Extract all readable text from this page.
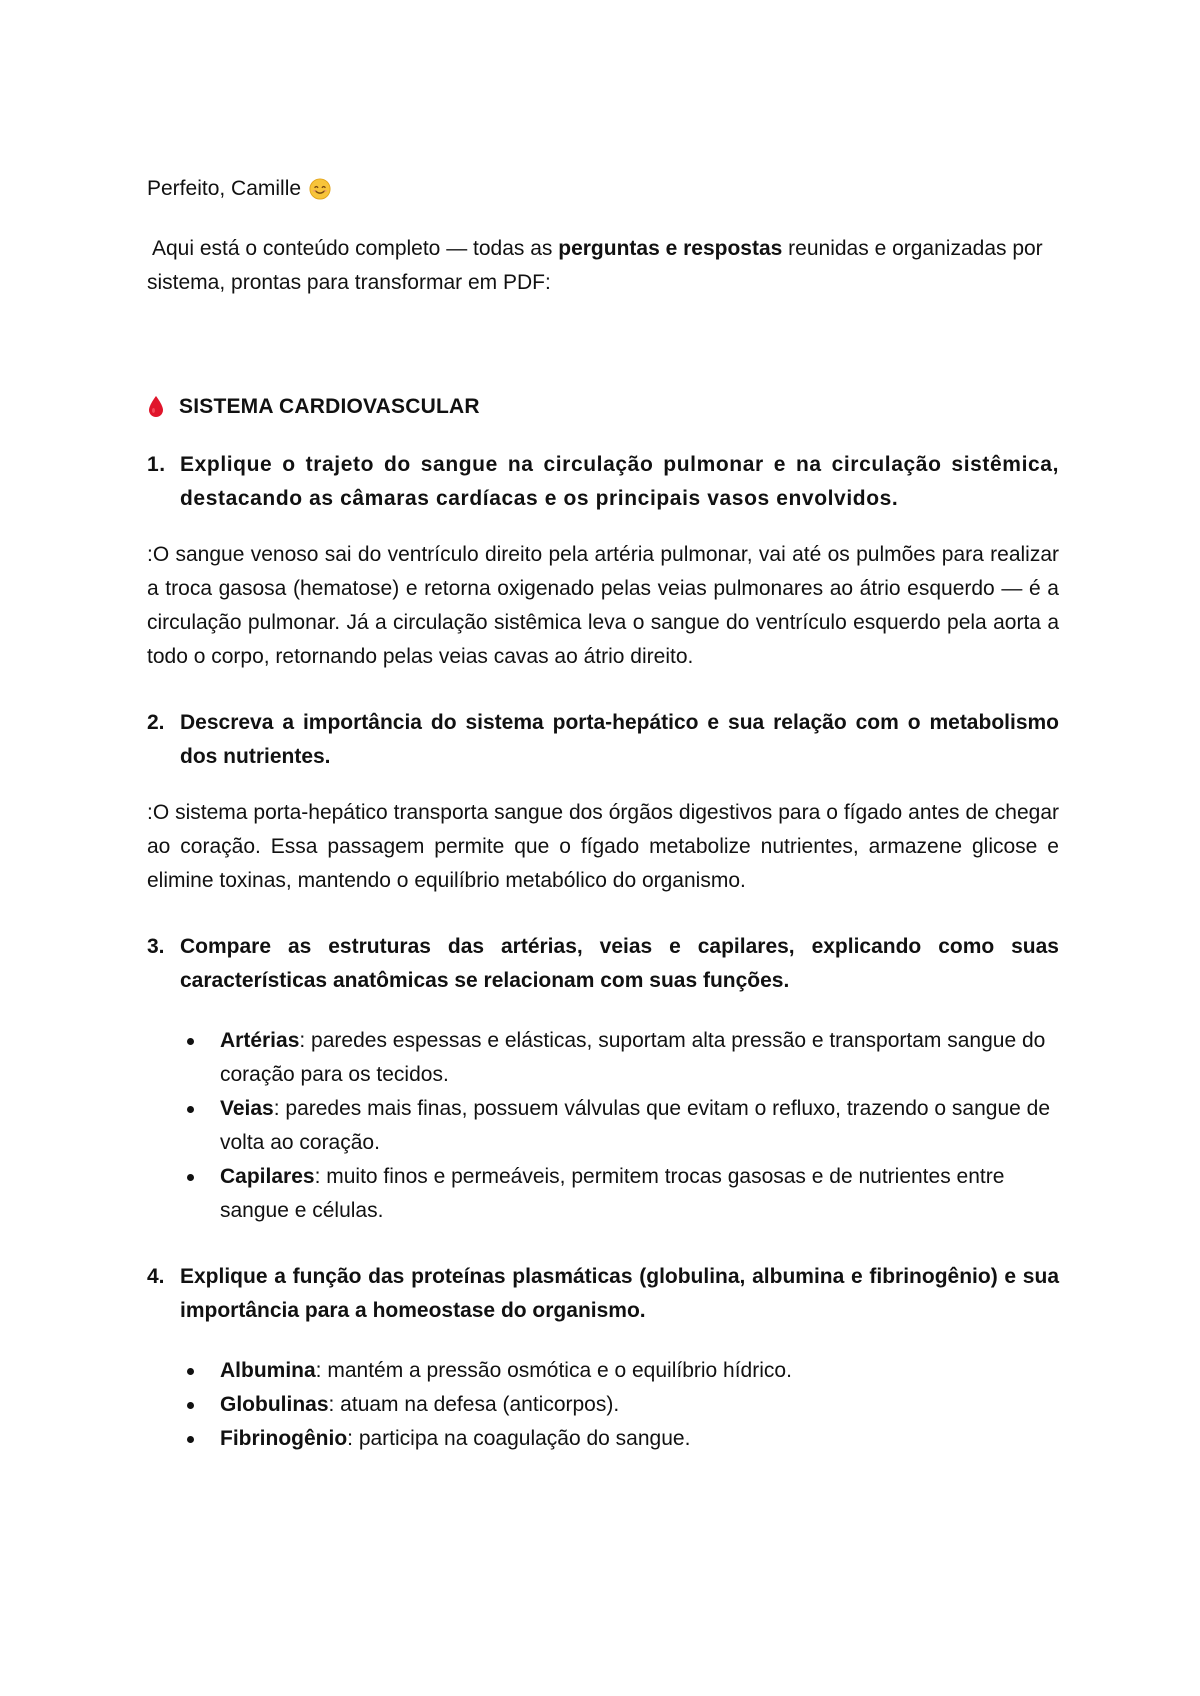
Perfeito, Camille

Aqui está o conteúdo completo — todas as perguntas e respostas reunidas e organizadas por sistema, prontas para transformar em PDF:

SISTEMA CARDIOVASCULAR
1. Explique o trajeto do sangue na circulação pulmonar e na circulação sistêmica, destacando as câmaras cardíacas e os principais vasos envolvidos.

:O sangue venoso sai do ventrículo direito pela artéria pulmonar, vai até os pulmões para realizar a troca gasosa (hematose) e retorna oxigenado pelas veias pulmonares ao átrio esquerdo — é a circulação pulmonar. Já a circulação sistêmica leva o sangue do ventrículo esquerdo pela aorta a todo o corpo, retornando pelas veias cavas ao átrio direito.

2. Descreva a importância do sistema porta-hepático e sua relação com o metabolismo dos nutrientes.

:O sistema porta-hepático transporta sangue dos órgãos digestivos para o fígado antes de chegar ao coração. Essa passagem permite que o fígado metabolize nutrientes, armazene glicose e elimine toxinas, mantendo o equilíbrio metabólico do organismo.

3. Compare as estruturas das artérias, veias e capilares, explicando como suas características anatômicas se relacionam com suas funções.
Artérias: paredes espessas e elásticas, suportam alta pressão e transportam sangue do coração para os tecidos.
Veias: paredes mais finas, possuem válvulas que evitam o refluxo, trazendo o sangue de volta ao coração.
Capilares: muito finos e permeáveis, permitem trocas gasosas e de nutrientes entre sangue e células.
4. Explique a função das proteínas plasmáticas (globulina, albumina e fibrinogênio) e sua importância para a homeostase do organismo.
Albumina: mantém a pressão osmótica e o equilíbrio hídrico.
Globulinas: atuam na defesa (anticorpos).
Fibrinogênio: participa na coagulação do sangue.
